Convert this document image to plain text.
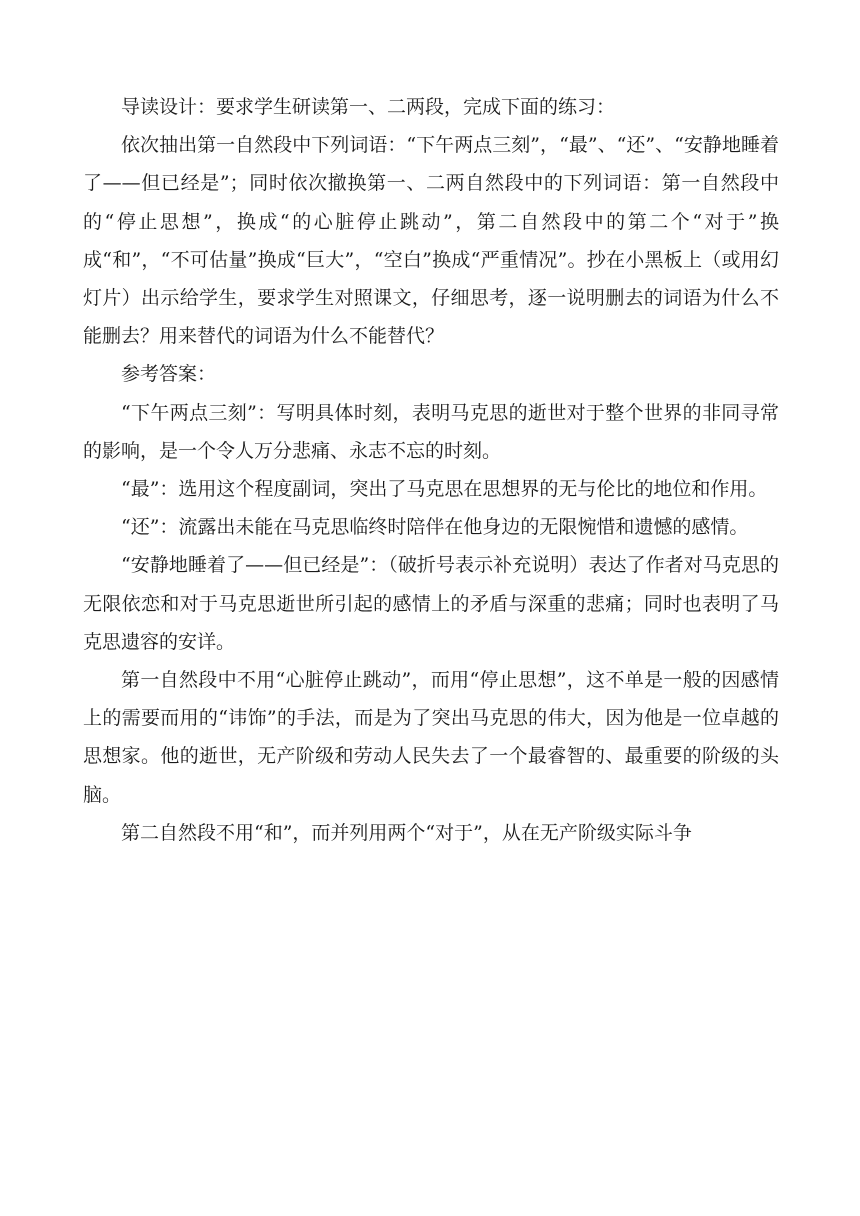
导读设计：要求学生研读第一、二两段，完成下面的练习：

依次抽出第一自然段中下列词语：“下午两点三刻”，“最”、“还”、“安静地睡着了——但已经是”；同时依次撤换第一、二两自然段中的下列词语：第一自然段中的“停止思想”，换成“的心脏停止跳动”，第二自然段中的第二个“对于”换成“和”，“不可估量”换成“巨大”，“空白”换成“严重情况”。抄在小黑板上（或用幻灯片）出示给学生，要求学生对照课文，仔细思考，逐一说明删去的词语为什么不能删去？用来替代的词语为什么不能替代？

参考答案：

“下午两点三刻”：写明具体时刻，表明马克思的逝世对于整个世界的非同寻常的影响，是一个令人万分悲痛、永志不忘的时刻。

“最”：选用这个程度副词，突出了马克思在思想界的无与伦比的地位和作用。

“还”：流露出未能在马克思临终时陪伴在他身边的无限惋惜和遗憾的感情。

“安静地睡着了——但已经是”：（破折号表示补充说明）表达了作者对马克思的无限依恋和对于马克思逝世所引起的感情上的矛盾与深重的悲痛；同时也表明了马克思遗容的安详。

第一自然段中不用“心脏停止跳动”，而用“停止思想”，这不单是一般的因感情上的需要而用的“讳饰”的手法，而是为了突出马克思的伟大，因为他是一位卓越的思想家。他的逝世，无产阶级和劳动人民失去了一个最睿智的、最重要的阶级的头脑。

第二自然段不用“和”，而并列用两个“对于”，从在无产阶级实际斗争
